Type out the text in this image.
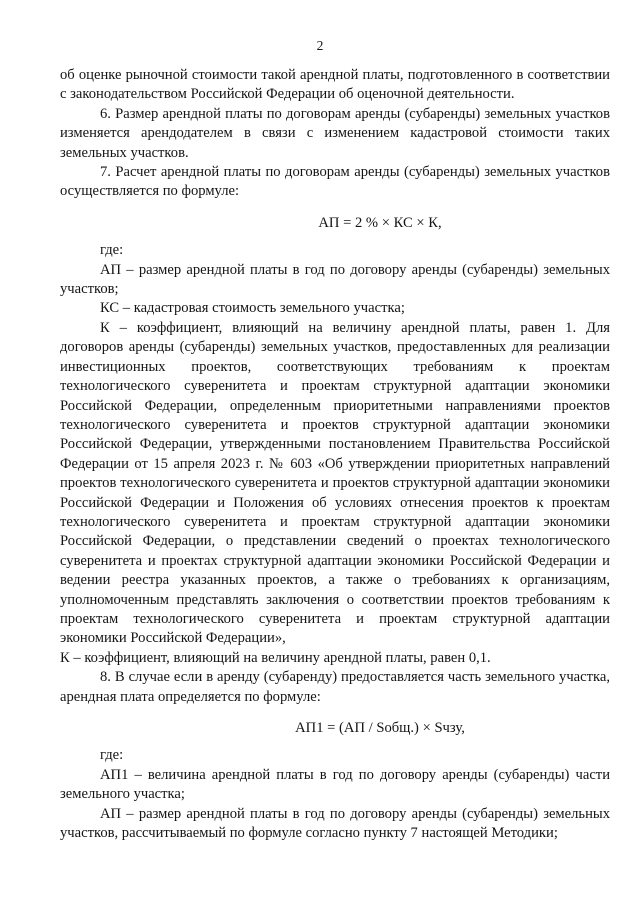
2

об оценке рыночной стоимости такой арендной платы, подготовленного в соответствии с законодательством Российской Федерации об оценочной деятельности.

6. Размер арендной платы по договорам аренды (субаренды) земельных участков изменяется арендодателем в связи с изменением кадастровой стоимости таких земельных участков.

7. Расчет арендной платы по договорам аренды (субаренды) земельных участков осуществляется по формуле:

АП = 2 % × КС × К,

где:

АП – размер арендной платы в год по договору аренды (субаренды) земельных участков;

КС – кадастровая стоимость земельного участка;

К – коэффициент, влияющий на величину арендной платы, равен 1. Для договоров аренды (субаренды) земельных участков, предоставленных для реализации инвестиционных проектов, соответствующих требованиям к проектам технологического суверенитета и проектам структурной адаптации экономики Российской Федерации, определенным приоритетными направлениями проектов технологического суверенитета и проектов структурной адаптации экономики Российской Федерации, утвержденными постановлением Правительства Российской Федерации от 15 апреля 2023 г. № 603 «Об утверждении приоритетных направлений проектов технологического суверенитета и проектов структурной адаптации экономики Российской Федерации и Положения об условиях отнесения проектов к проектам технологического суверенитета и проектам структурной адаптации экономики Российской Федерации, о представлении сведений о проектах технологического суверенитета и проектах структурной адаптации экономики Российской Федерации и ведении реестра указанных проектов, а также о требованиях к организациям, уполномоченным представлять заключения о соответствии проектов требованиям к проектам технологического суверенитета и проектам структурной адаптации экономики Российской Федерации»,

К – коэффициент, влияющий на величину арендной платы, равен 0,1.

8. В случае если в аренду (субаренду) предоставляется часть земельного участка, арендная плата определяется по формуле:

АП1 = (АП / Sобщ.) × Sчзу,

где:

АП1 – величина арендной платы в год по договору аренды (субаренды) части земельного участка;

АП – размер арендной платы в год по договору аренды (субаренды) земельных участков, рассчитываемый по формуле согласно пункту 7 настоящей Методики;
